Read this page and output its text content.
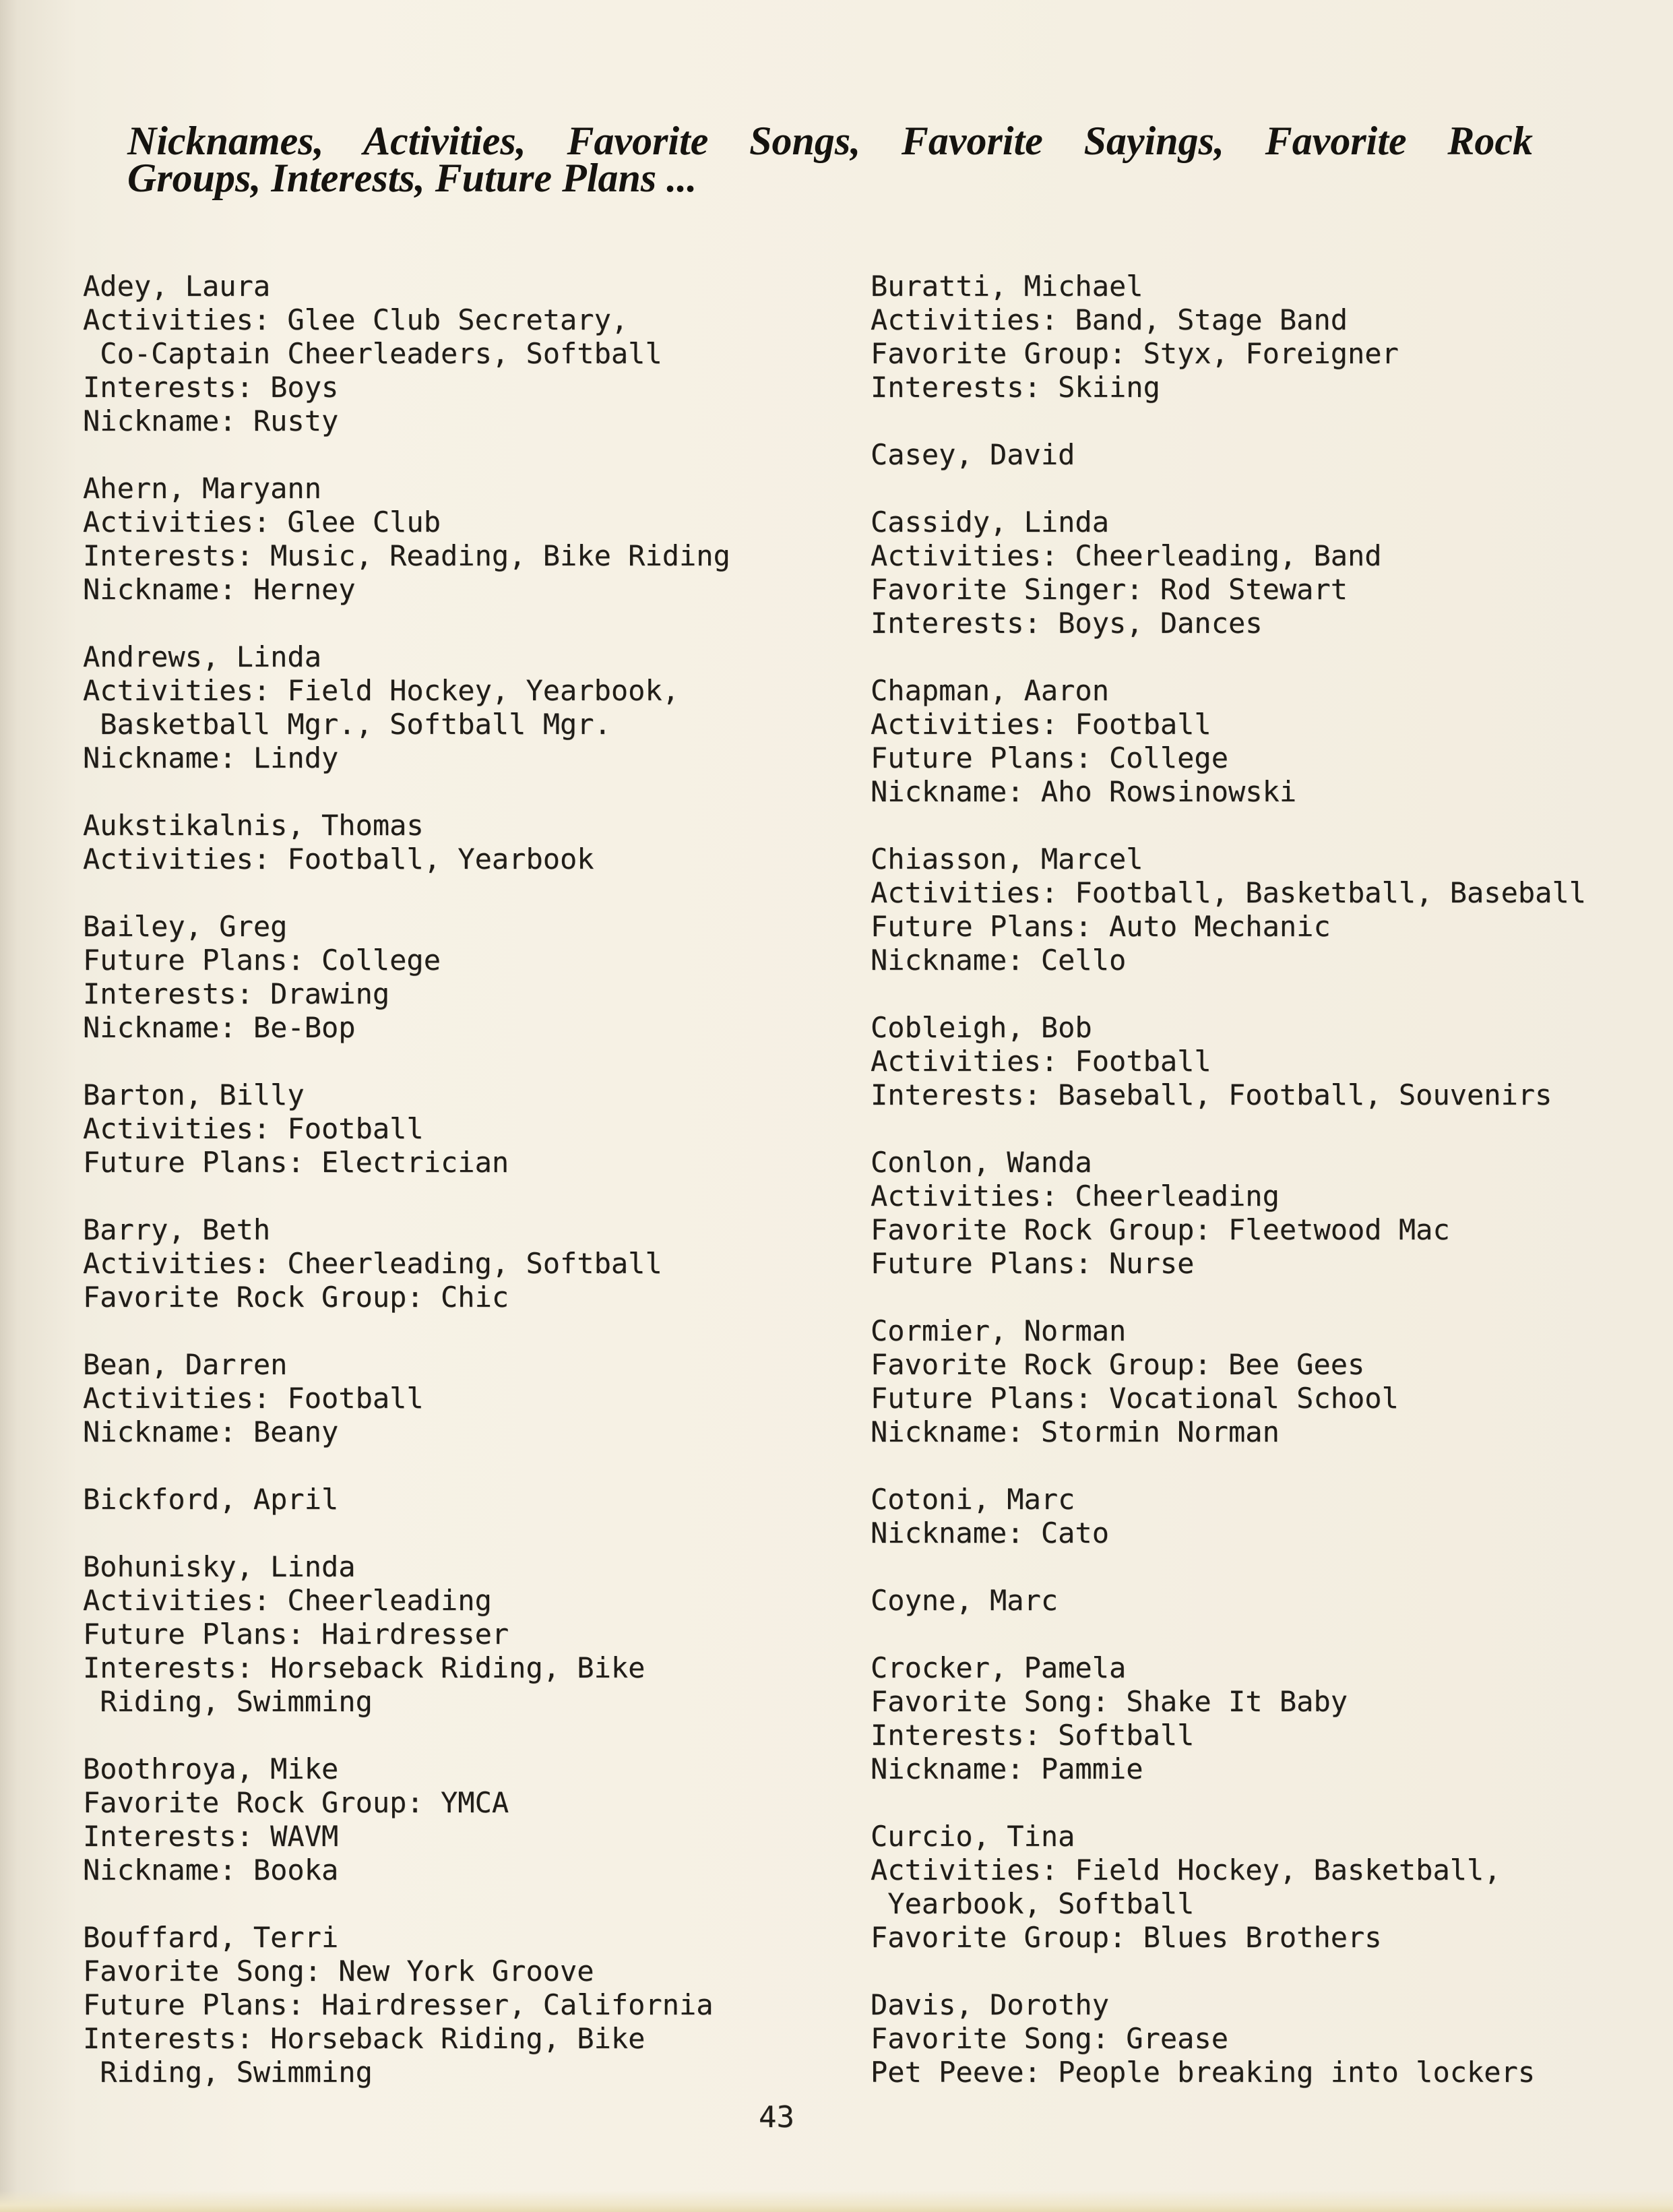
Nicknames, Activities, Favorite Songs, Favorite Sayings, Favorite Rock
Groups, Interests, Future Plans ...
Adey, Laura
Activities: Glee Club Secretary,
Co-Captain Cheerleaders, Softball
Interests: Boys
Nickname: Rusty
Ahern, Maryann
Activities: Glee Club
Interests: Music, Reading, Bike Riding
Nickname: Herney
Andrews, Linda
Activities: Field Hockey, Yearbook,
Basketball Mgr., Softball Mgr.
Nickname: Lindy
Aukstikalnis, Thomas
Activities: Football, Yearbook
Bailey, Greg
Future Plans: College
Interests: Drawing
Nickname: Be-Bop
Barton, Billy
Activities: Football
Future Plans: Electrician
Barry, Beth
Activities: Cheerleading, Softball
Favorite Rock Group: Chic
Bean, Darren
Activities: Football
Nickname: Beany
Bickford, April
Bohunisky, Linda
Activities: Cheerleading
Future Plans: Hairdresser
Interests: Horseback Riding, Bike
Riding, Swimming
Boothroya, Mike
Favorite Rock Group: YMCA
Interests: WAVM
Nickname: Booka
Bouffard, Terri
Favorite Song: New York Groove
Future Plans: Hairdresser, California
Interests: Horseback Riding, Bike
Riding, Swimming
Buratti, Michael
Activities: Band, Stage Band
Favorite Group: Styx, Foreigner
Interests: Skiing
Casey, David
Cassidy, Linda
Activities: Cheerleading, Band
Favorite Singer: Rod Stewart
Interests: Boys, Dances
Chapman, Aaron
Activities: Football
Future Plans: College
Nickname: Aho Rowsinowski
Chiasson, Marcel
Activities: Football, Basketball, Baseball
Future Plans: Auto Mechanic
Nickname: Cello
Cobleigh, Bob
Activities: Football
Interests: Baseball, Football, Souvenirs
Conlon, Wanda
Activities: Cheerleading
Favorite Rock Group: Fleetwood Mac
Future Plans: Nurse
Cormier, Norman
Favorite Rock Group: Bee Gees
Future Plans: Vocational School
Nickname: Stormin Norman
Cotoni, Marc
Nickname: Cato
Coyne, Marc
Crocker, Pamela
Favorite Song: Shake It Baby
Interests: Softball
Nickname: Pammie
Curcio, Tina
Activities: Field Hockey, Basketball,
Yearbook, Softball
Favorite Group: Blues Brothers
Davis, Dorothy
Favorite Song: Grease
Pet Peeve: People breaking into lockers
43
